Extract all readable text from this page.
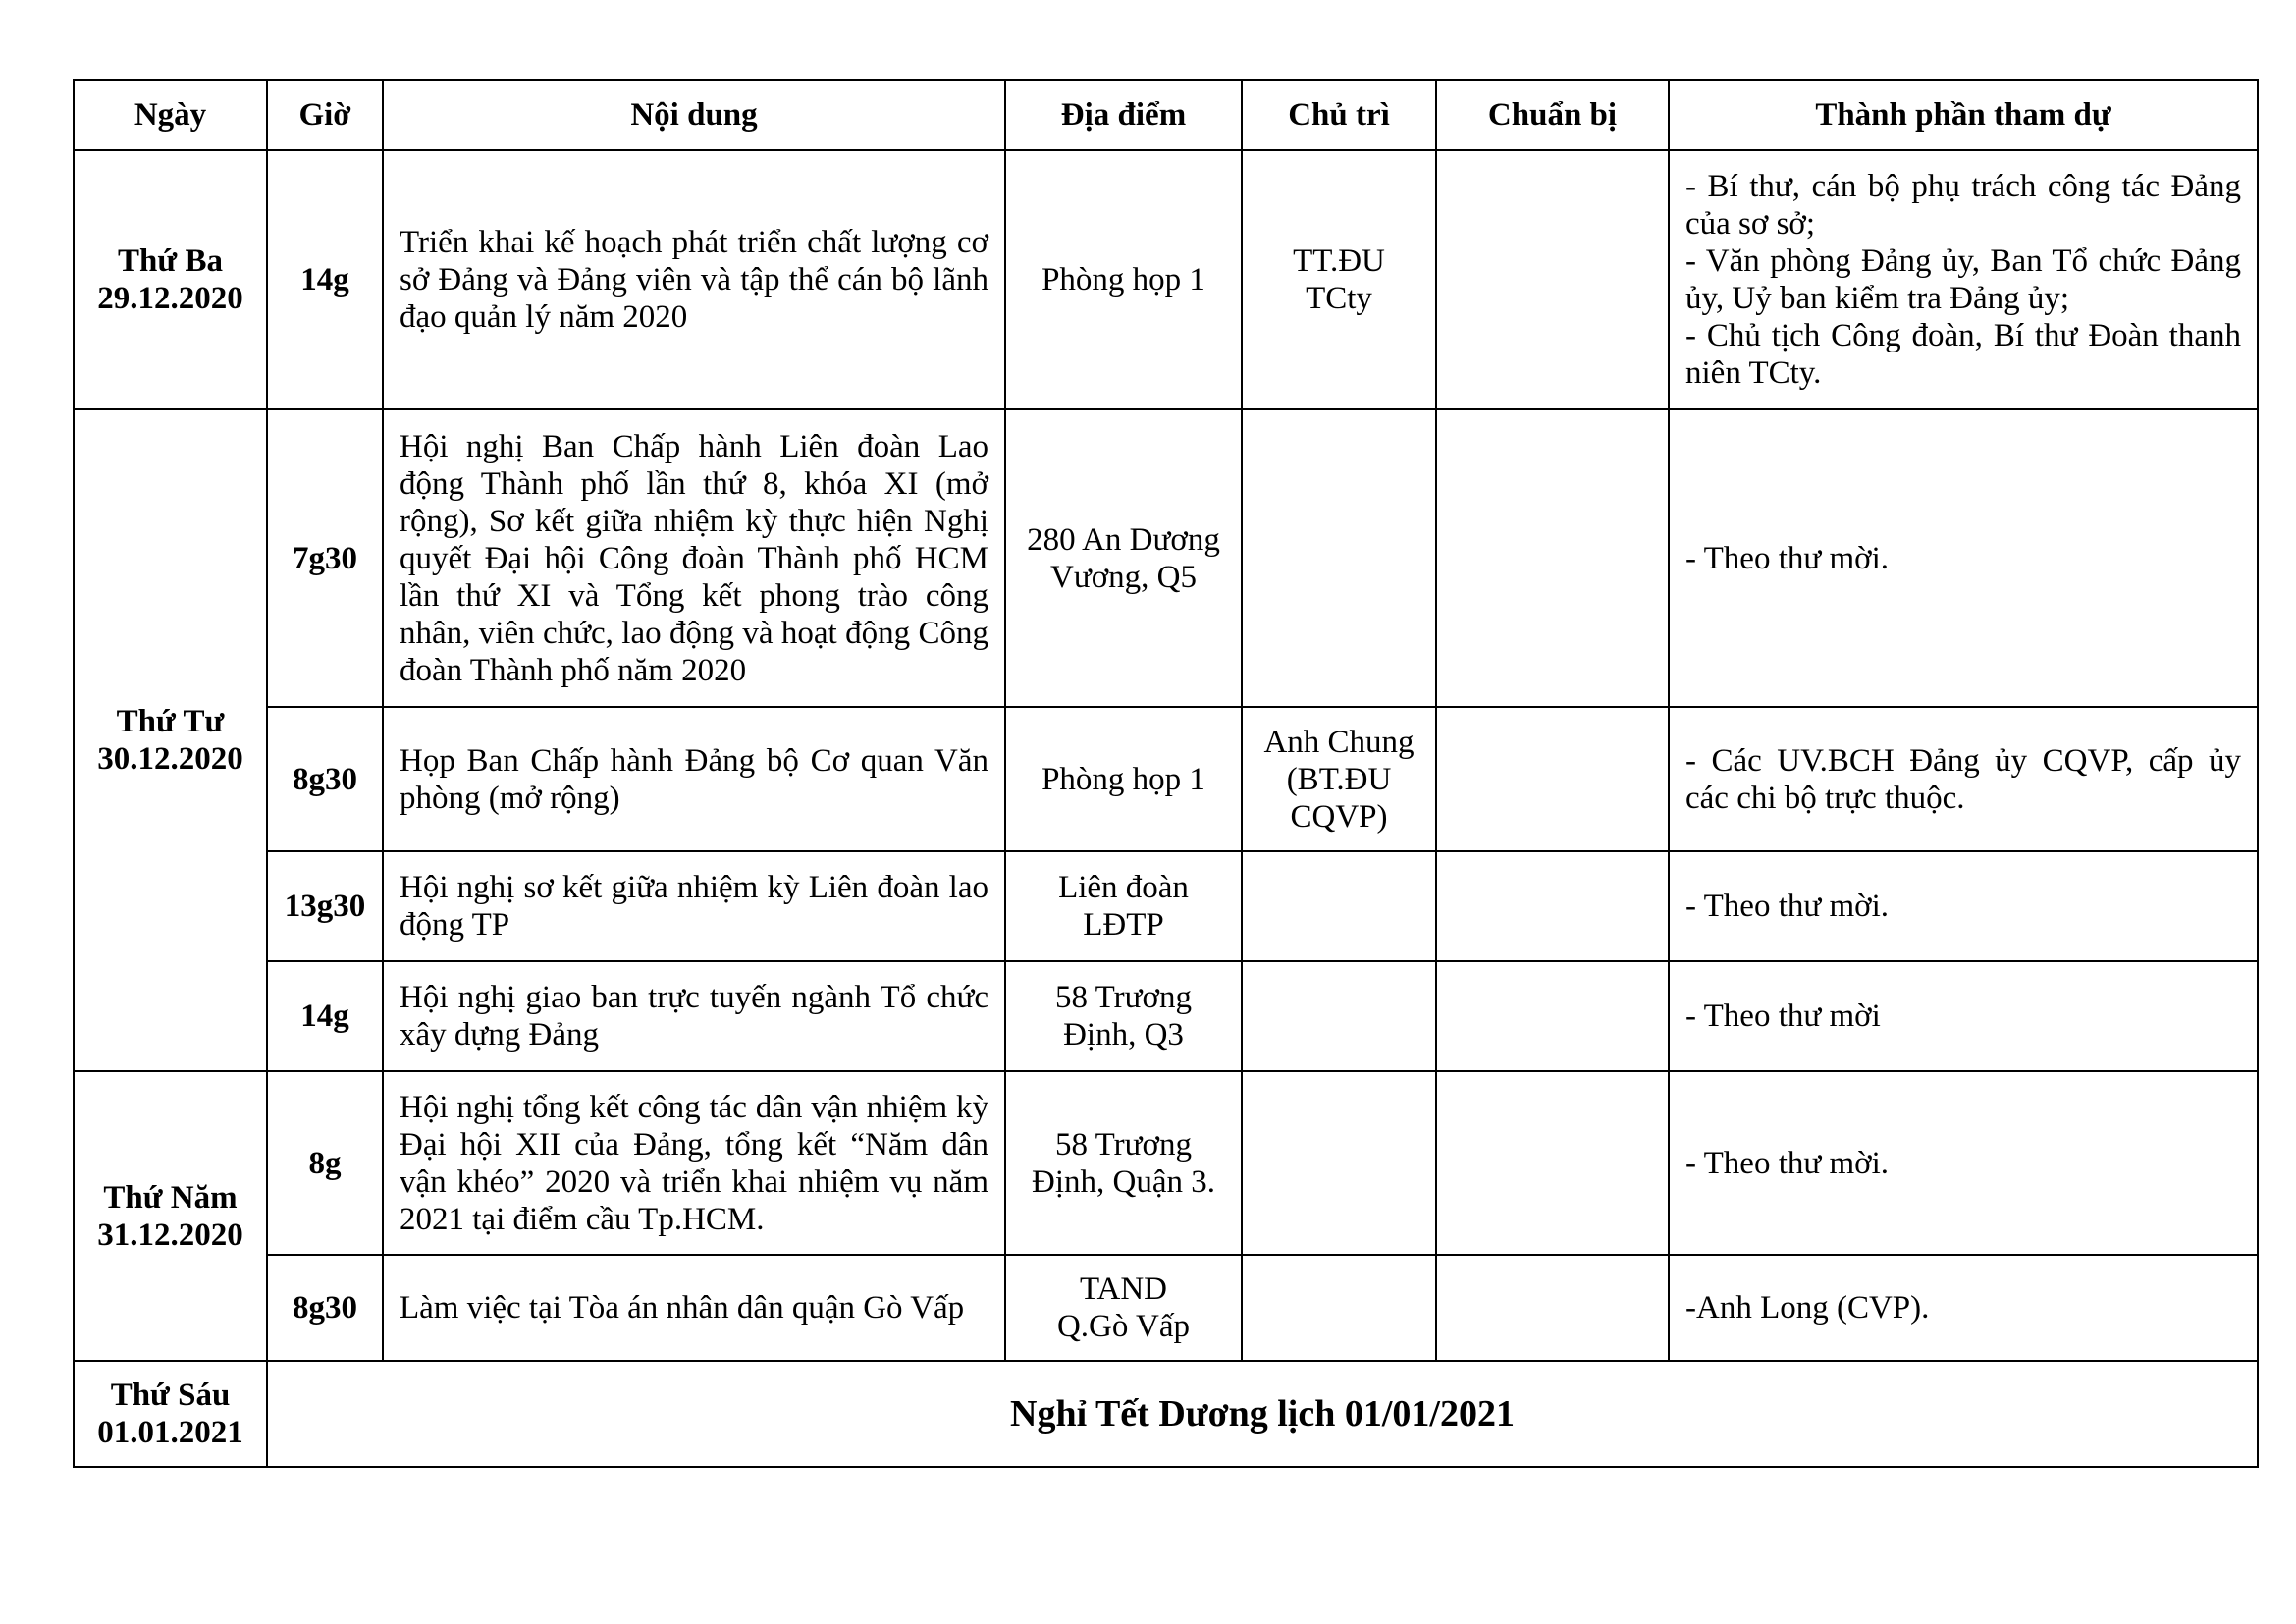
Ngày	Giờ	Nội dung	Địa điểm	Chủ trì	Chuẩn bị	Thành phần tham dự

Thứ Ba
29.12.2020	14g	Triển khai kế hoạch phát triển chất lượng cơ sở Đảng và Đảng viên và tập thể cán bộ lãnh đạo quản lý năm 2020	Phòng họp 1	TT.ĐU
TCty		- Bí thư, cán bộ phụ trách công tác Đảng của sơ sở;
- Văn phòng Đảng ủy, Ban Tổ chức Đảng ủy, Uỷ ban kiểm tra Đảng ủy;
- Chủ tịch Công đoàn, Bí thư Đoàn thanh niên TCty.

Thứ Tư
30.12.2020	7g30	Hội nghị Ban Chấp hành Liên đoàn Lao động Thành phố lần thứ 8, khóa XI (mở rộng), Sơ kết giữa nhiệm kỳ thực hiện Nghị quyết Đại hội Công đoàn Thành phố HCM lần thứ XI và Tổng kết phong trào công nhân, viên chức, lao động và hoạt động Công đoàn Thành phố năm 2020	280 An Dương
Vương, Q5			- Theo thư mời.

	8g30	Họp Ban Chấp hành Đảng bộ Cơ quan Văn phòng (mở rộng)	Phòng họp 1	Anh Chung
(BT.ĐU
CQVP)		- Các UV.BCH Đảng ủy CQVP, cấp ủy các chi bộ trực thuộc.

	13g30	Hội nghị sơ kết giữa nhiệm kỳ Liên đoàn lao động TP	Liên đoàn
LĐTP			- Theo thư mời.

	14g	Hội nghị giao ban trực tuyến ngành Tổ chức xây dựng Đảng	58 Trương
Định, Q3			- Theo thư mời

Thứ Năm
31.12.2020	8g	Hội nghị tổng kết công tác dân vận nhiệm kỳ Đại hội XII của Đảng, tổng kết “Năm dân vận khéo” 2020 và triển khai nhiệm vụ năm 2021 tại điểm cầu Tp.HCM.	58 Trương
Định, Quận 3.			- Theo thư mời.

	8g30	Làm việc tại Tòa án nhân dân quận Gò Vấp	TAND
Q.Gò Vấp			-Anh Long (CVP).

Thứ Sáu
01.01.2021	Nghỉ Tết Dương lịch 01/01/2021					
